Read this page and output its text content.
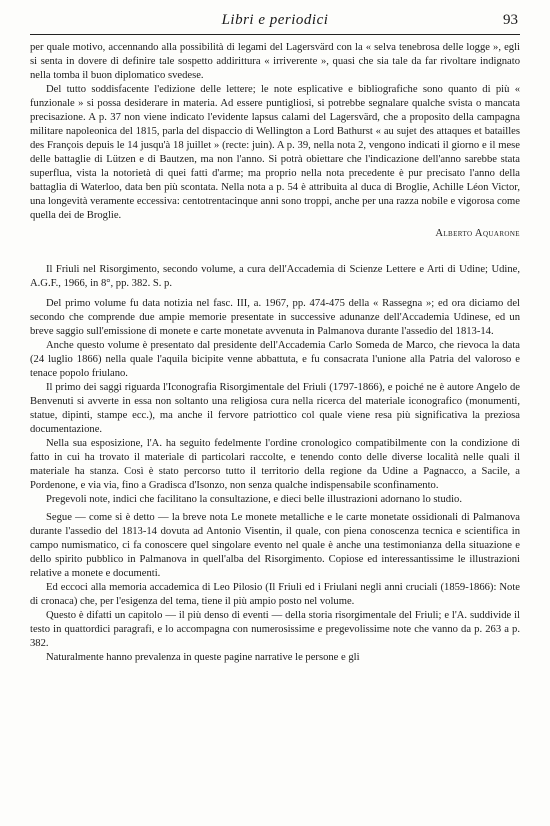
Libri e periodici	93

per quale motivo, accennando alla possibilità di legami del Lagersvärd con la « selva tenebrosa delle logge », egli si senta in dovere di definire tale sospetto addirittura « irriverente », quasi che sia tale da far rivoltare indignato nella tomba il buon diplomatico svedese.

Del tutto soddisfacente l'edizione delle lettere; le note esplicative e bibliografiche sono quanto di più « funzionale » si possa desiderare in materia. Ad essere puntigliosi, si potrebbe segnalare qualche svista o mancata precisazione. A p. 37 non viene indicato l'evidente lapsus calami del Lagersvärd, che a proposito della campagna militare napoleonica del 1815, parla del dispaccio di Wellington a Lord Bathurst « au sujet des attaques et batailles des François depuis le 14 jusqu'à 18 juillet » (recte: juin). A p. 39, nella nota 2, vengono indicati il giorno e il mese delle battaglie di Lützen e di Bautzen, ma non l'anno. Si potrà obiettare che l'indicazione dell'anno sarebbe stata superflua, vista la notorietà di quei fatti d'arme; ma proprio nella nota precedente è pur precisato l'anno della battaglia di Waterloo, data ben più scontata. Nella nota a p. 54 è attribuita al duca di Broglie, Achille Léon Victor, una longevità veramente eccessiva: centotrentacinque anni sono troppi, anche per una razza nobile e vigorosa come quella dei de Broglie.

Alberto Aquarone

Il Friuli nel Risorgimento, secondo volume, a cura dell'Accademia di Scienze Lettere e Arti di Udine; Udine, A.G.F., 1966, in 8°, pp. 382. S. p.

Del primo volume fu data notizia nel fasc. III, a. 1967, pp. 474-475 della « Rassegna »; ed ora diciamo del secondo che comprende due ampie memorie presentate in successive adunanze dell'Accademia Udinese, ed un breve saggio sull'emissione di monete e carte monetate avvenuta in Palmanova durante l'assedio del 1813-14.

Anche questo volume è presentato dal presidente dell'Accademia Carlo Someda de Marco, che rievoca la data (24 luglio 1866) nella quale l'aquila bicipite venne abbattuta, e fu consacrata l'unione alla Patria del valoroso e tenace popolo friulano.

Il primo dei saggi riguarda l'Iconografia Risorgimentale del Friuli (1797-1866), e poiché ne è autore Angelo de Benvenuti si avverte in essa non soltanto una religiosa cura nella ricerca del materiale iconografico (monumenti, statue, dipinti, stampe ecc.), ma anche il fervore patriottico col quale viene resa più significativa la preziosa documentazione.

Nella sua esposizione, l'A. ha seguito fedelmente l'ordine cronologico compatibilmente con la condizione di fatto in cui ha trovato il materiale di particolari raccolte, e tenendo conto delle diverse località nelle quali il materiale ha stanza. Così è stato percorso tutto il territorio della regione da Udine a Pagnacco, a Sacile, a Pordenone, e via via, fino a Gradisca d'Isonzo, non senza qualche indispensabile sconfinamento.

Pregevoli note, indici che facilitano la consultazione, e dieci belle illustrazioni adornano lo studio.

Segue — come si è detto — la breve nota Le monete metalliche e le carte monetate ossidionali di Palmanova durante l'assedio del 1813-14 dovuta ad Antonio Visentin, il quale, con piena conoscenza tecnica e scientifica in campo numismatico, ci fa conoscere quel singolare evento nel quale è anche una testimonianza della situazione e dello spirito pubblico in Palmanova in quell'alba del Risorgimento. Copiose ed interessantissime le illustrazioni relative a monete e documenti.

Ed eccoci alla memoria accademica di Leo Pilosio (Il Friuli ed i Friulani negli anni cruciali (1859-1866): Note di cronaca) che, per l'esigenza del tema, tiene il più ampio posto nel volume.

Questo è difatti un capitolo — il più denso di eventi — della storia risorgimentale del Friuli; e l'A. suddivide il testo in quattordici paragrafi, e lo accompagna con numerosissime e pregevolissime note che vanno da p. 263 a p. 382.

Naturalmente hanno prevalenza in queste pagine narrative le persone e gli
